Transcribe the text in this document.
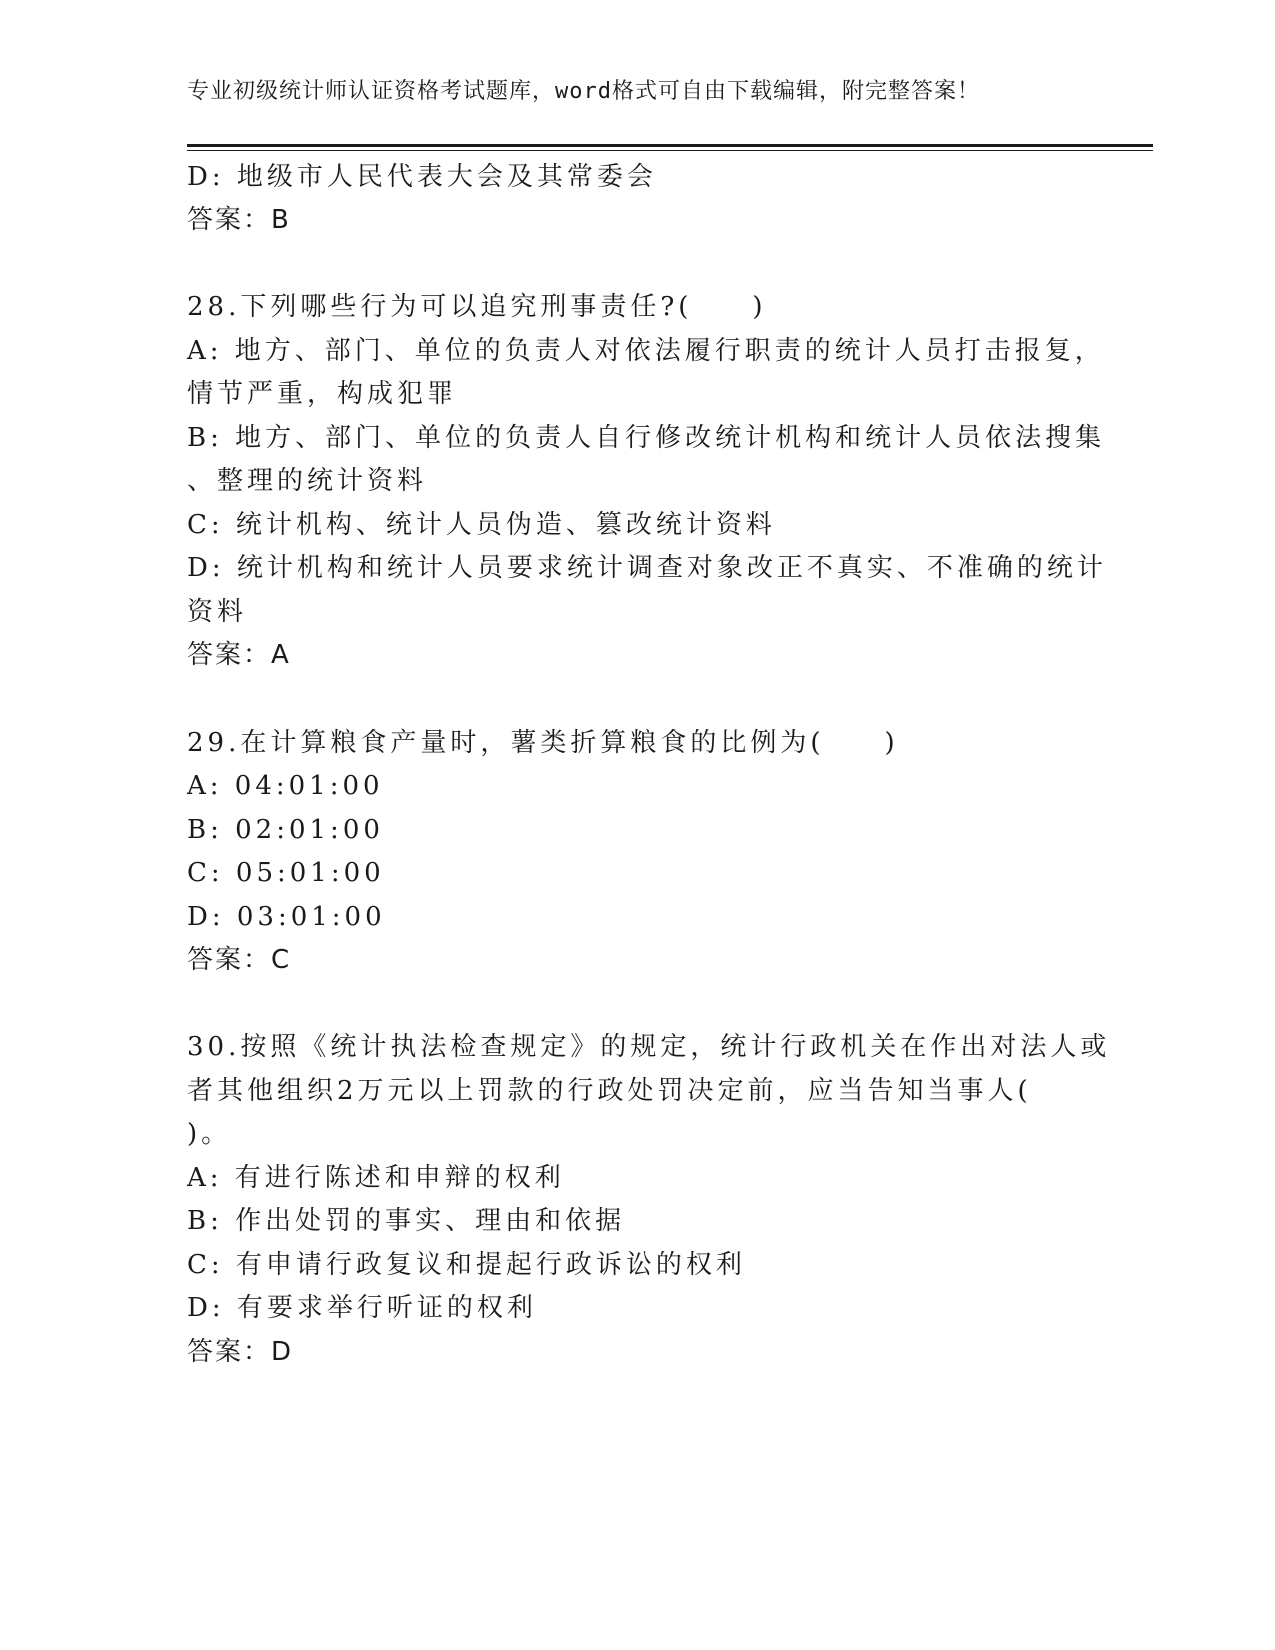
专业初级统计师认证资格考试题库，word格式可自由下载编辑，附完整答案！
D: 地级市人民代表大会及其常委会
答案：B
28.下列哪些行为可以追究刑事责任?(　　)
A: 地方、部门、单位的负责人对依法履行职责的统计人员打击报复，
情节严重，构成犯罪
B: 地方、部门、单位的负责人自行修改统计机构和统计人员依法搜集
、整理的统计资料
C: 统计机构、统计人员伪造、篡改统计资料
D: 统计机构和统计人员要求统计调查对象改正不真实、不准确的统计
资料
答案：A
29.在计算粮食产量时，薯类折算粮食的比例为(　　)
A: 04:01:00
B: 02:01:00
C: 05:01:00
D: 03:01:00
答案：C
30.按照《统计执法检查规定》的规定，统计行政机关在作出对法人或
者其他组织2万元以上罚款的行政处罚决定前，应当告知当事人(
)。
A: 有进行陈述和申辩的权利
B: 作出处罚的事实、理由和依据
C: 有申请行政复议和提起行政诉讼的权利
D: 有要求举行听证的权利
答案：D
